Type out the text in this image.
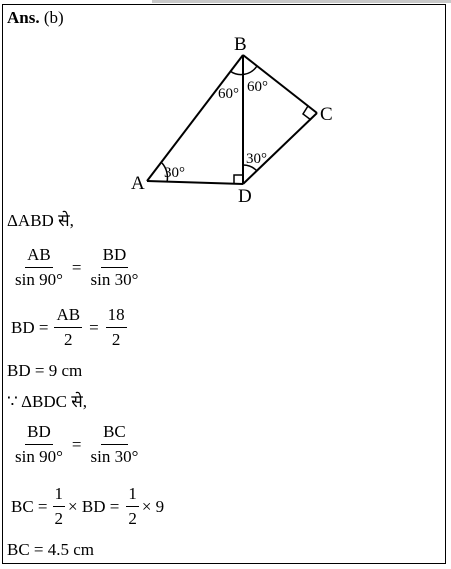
Ans. (b)
B
C
A
D
60° 60°
30°
30°
ΔABD से,
$\frac{AB}{\sin 90^\circ} = \frac{BD}{\sin 30^\circ}$
BD = $\frac{AB}{2} = \frac{18}{2}$
BD = 9 cm
∵ ΔBDC से,
$\frac{BD}{\sin 90^\circ} = \frac{BC}{\sin 30^\circ}$
BC = $\frac{1}{2}$ × BD = $\frac{1}{2} \times 9$
BC = 4.5 cm
